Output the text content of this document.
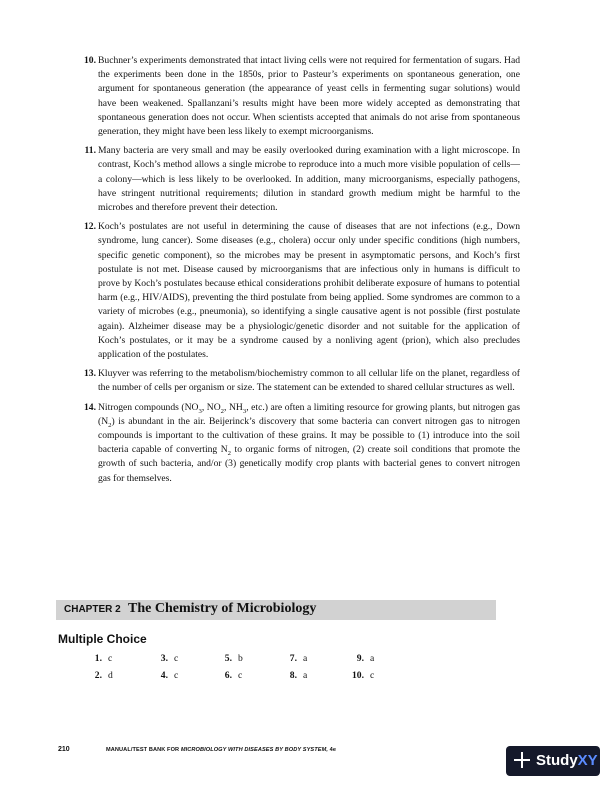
10. Buchner’s experiments demonstrated that intact living cells were not required for fermentation of sugars. Had the experiments been done in the 1850s, prior to Pasteur’s experiments on spontaneous generation, one argument for spontaneous generation (the appearance of yeast cells in fermenting sugar solutions) would have been weakened. Spallanzani’s results might have been more widely accepted as demonstrating that spontaneous generation does not occur. When scientists accepted that animals do not arise from spontaneous generation, they might have been less likely to exempt microorganisms.
11. Many bacteria are very small and may be easily overlooked during examination with a light microscope. In contrast, Koch’s method allows a single microbe to reproduce into a much more visible population of cells—a colony—which is less likely to be overlooked. In addition, many microorganisms, especially pathogens, have stringent nutritional requirements; dilution in standard growth medium might be harmful to the microbes and therefore prevent their detection.
12. Koch’s postulates are not useful in determining the cause of diseases that are not infections (e.g., Down syndrome, lung cancer). Some diseases (e.g., cholera) occur only under specific conditions (high numbers, specific genetic component), so the microbes may be present in asymptomatic persons, and Koch’s first postulate is not met. Disease caused by microorganisms that are infectious only in humans is difficult to prove by Koch’s postulates because ethical considerations prohibit deliberate exposure of humans to potential harm (e.g., HIV/AIDS), preventing the third postulate from being applied. Some syndromes are common to a variety of microbes (e.g., pneumonia), so identifying a single causative agent is not possible (first postulate again). Alzheimer disease may be a physiologic/genetic disorder and not suitable for the application of Koch’s postulates, or it may be a syndrome caused by a nonliving agent (prion), which also precludes application of the postulates.
13. Kluyver was referring to the metabolism/biochemistry common to all cellular life on the planet, regardless of the number of cells per organism or size. The statement can be extended to shared cellular structures as well.
14. Nitrogen compounds ($NO_3$, $NO_2$, $NH_3$, etc.) are often a limiting resource for growing plants, but nitrogen gas $(N_2)$ is abundant in the air. Beijerinck’s discovery that some bacteria can convert nitrogen gas to nitrogen compounds is important to the cultivation of these grains. It may be possible to (1) introduce into the soil bacteria capable of converting $N_2$ to organic forms of nitrogen, (2) create soil conditions that promote the growth of such bacteria, and/or (3) genetically modify crop plants with bacterial genes to convert nitrogen gas for themselves.
CHAPTER 2 The Chemistry of Microbiology
Multiple Choice
1. c	3. c	5. b	7. a	9. a
2. d	4. c	6. c	8. a	10. c
210	MANUAL/TEST BANK FOR MICROBIOLOGY WITH DISEASES BY BODY SYSTEM, 4e
StudyXY
